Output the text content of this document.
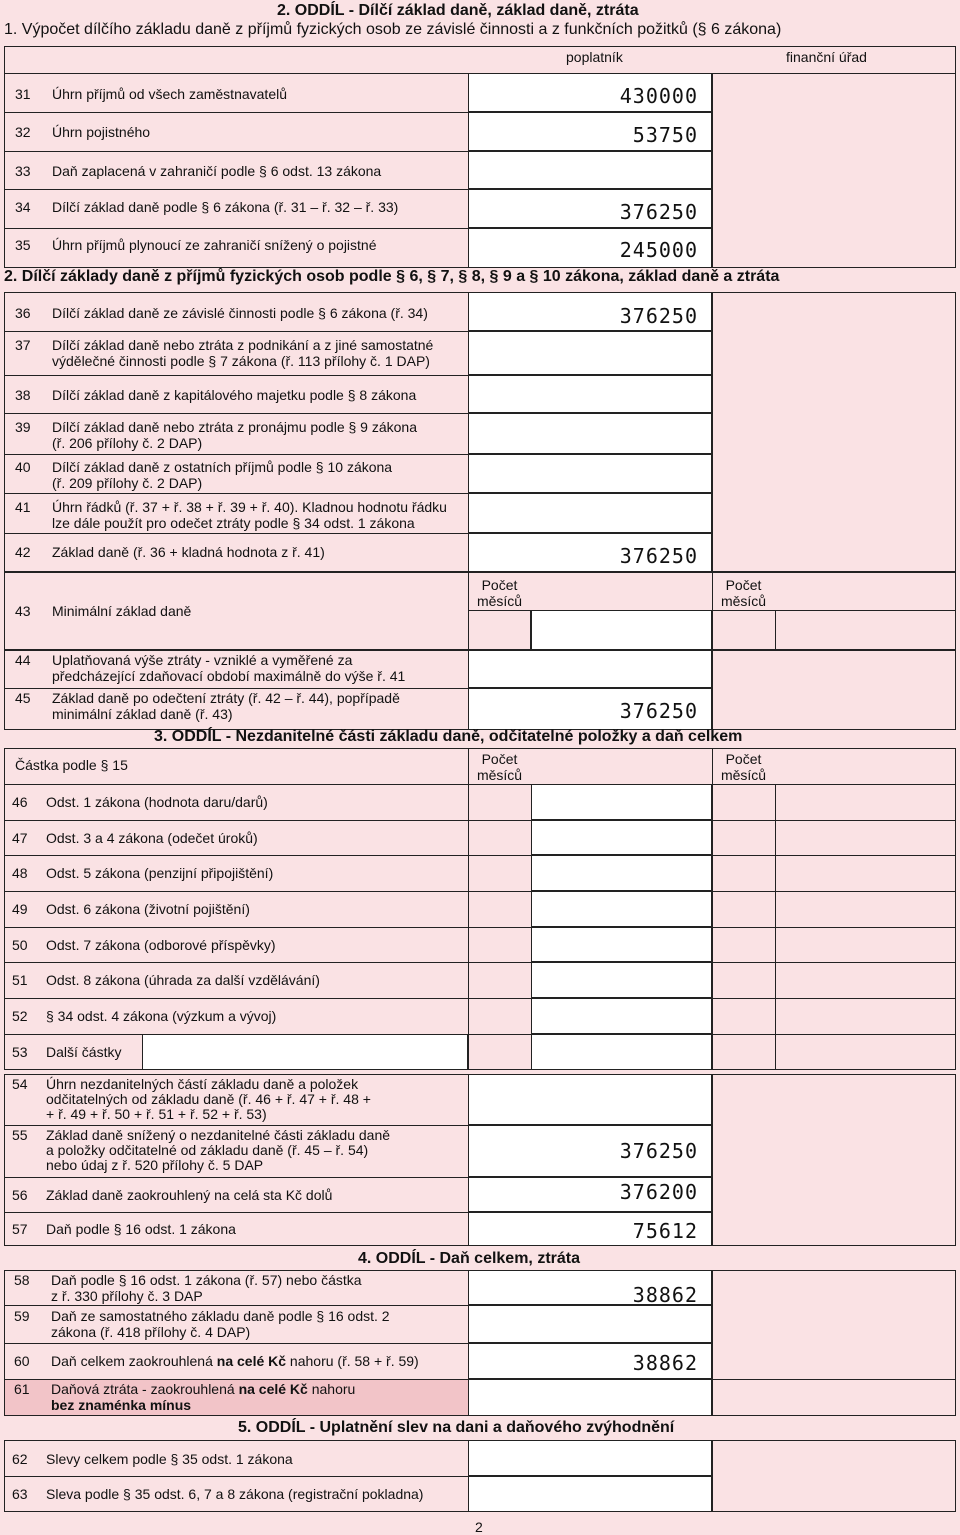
2. ODDÍL - Dílčí základ daně, základ daně, ztráta
1. Výpočet dílčího základu daně z příjmů fyzických osob ze závislé činnosti a z funkčních požitků (§ 6 zákona)
poplatník	finanční úřad
31	Úhrn příjmů od všech zaměstnavatelů	430000
32	Úhrn pojistného	53750
33	Daň zaplacená v zahraničí podle § 6 odst. 13 zákona
34	Dílčí základ daně podle § 6 zákona (ř. 31 – ř. 32 – ř. 33)	376250
35	Úhrn příjmů plynoucí ze zahraničí snížený o pojistné	245000
2. Dílčí základy daně z příjmů fyzických osob podle § 6, § 7, § 8, § 9 a § 10 zákona, základ daně a ztráta
36	Dílčí základ daně ze závislé činnosti podle § 6 zákona (ř. 34)	376250
37	Dílčí základ daně nebo ztráta z podnikání a z jiné samostatné
výdělečné činnosti podle § 7 zákona (ř. 113 přílohy č. 1 DAP)
38	Dílčí základ daně z kapitálového majetku podle § 8 zákona
39	Dílčí základ daně nebo ztráta z pronájmu podle § 9 zákona
(ř. 206 přílohy č. 2 DAP)
40	Dílčí základ daně z ostatních příjmů podle § 10 zákona
(ř. 209 přílohy č. 2 DAP)
41	Úhrn řádků (ř. 37 + ř. 38 + ř. 39 + ř. 40). Kladnou hodnotu řádku
lze dále použít pro odečet ztráty podle § 34 odst. 1 zákona
42	Základ daně (ř. 36 + kladná hodnota z ř. 41)	376250
Počet
měsíců
Počet
měsíců
43	Minimální základ daně
44	Uplatňovaná výše ztráty - vzniklé a vyměřené za
předcházející zdaňovací období maximálně do výše ř. 41
45	Základ daně po odečtení ztráty (ř. 42 – ř. 44), popřípadě
minimální základ daně (ř. 43)	376250
3. ODDÍL - Nezdanitelné části základu daně, odčitatelné položky a daň celkem
Počet
měsíců
Počet
měsíců
Částka podle § 15
46	Odst. 1 zákona (hodnota daru/darů)
47	Odst. 3 a 4 zákona (odečet úroků)
48	Odst. 5 zákona (penzijní připojištění)
49	Odst. 6 zákona (životní pojištění)
50	Odst. 7 zákona (odborové příspěvky)
51	Odst. 8 zákona (úhrada za další vzdělávání)
52	§ 34 odst. 4 zákona (výzkum a vývoj)
53	Další částky
54	Úhrn nezdanitelných částí základu daně a položek
odčitatelných od základu daně (ř. 46 + ř. 47 + ř. 48 +
+ ř. 49 + ř. 50 + ř. 51 + ř. 52 + ř. 53)
55	Základ daně snížený o nezdanitelné části základu daně
a položky odčitatelné od základu daně (ř. 45 – ř. 54)
nebo údaj z ř. 520 přílohy č. 5 DAP
376250
56	Základ daně zaokrouhlený na celá sta Kč dolů	376200
57	Daň podle § 16 odst. 1 zákona	75612
4. ODDÍL - Daň celkem, ztráta
58	Daň podle § 16 odst. 1 zákona (ř. 57) nebo částka
z ř. 330 přílohy č. 3 DAP	38862
59	Daň ze samostatného základu daně podle § 16 odst. 2
zákona (ř. 418 přílohy č. 4 DAP)
60	Daň celkem zaokrouhlená na celé Kč nahoru (ř. 58 + ř. 59)	38862
61	Daňová ztráta - zaokrouhlená na celé Kč nahoru
bez znaménka mínus
5. ODDÍL - Uplatnění slev na dani a daňového zvýhodnění
62	Slevy celkem podle § 35 odst. 1 zákona
63	Sleva podle § 35 odst. 6, 7 a 8 zákona (registrační pokladna)
2
